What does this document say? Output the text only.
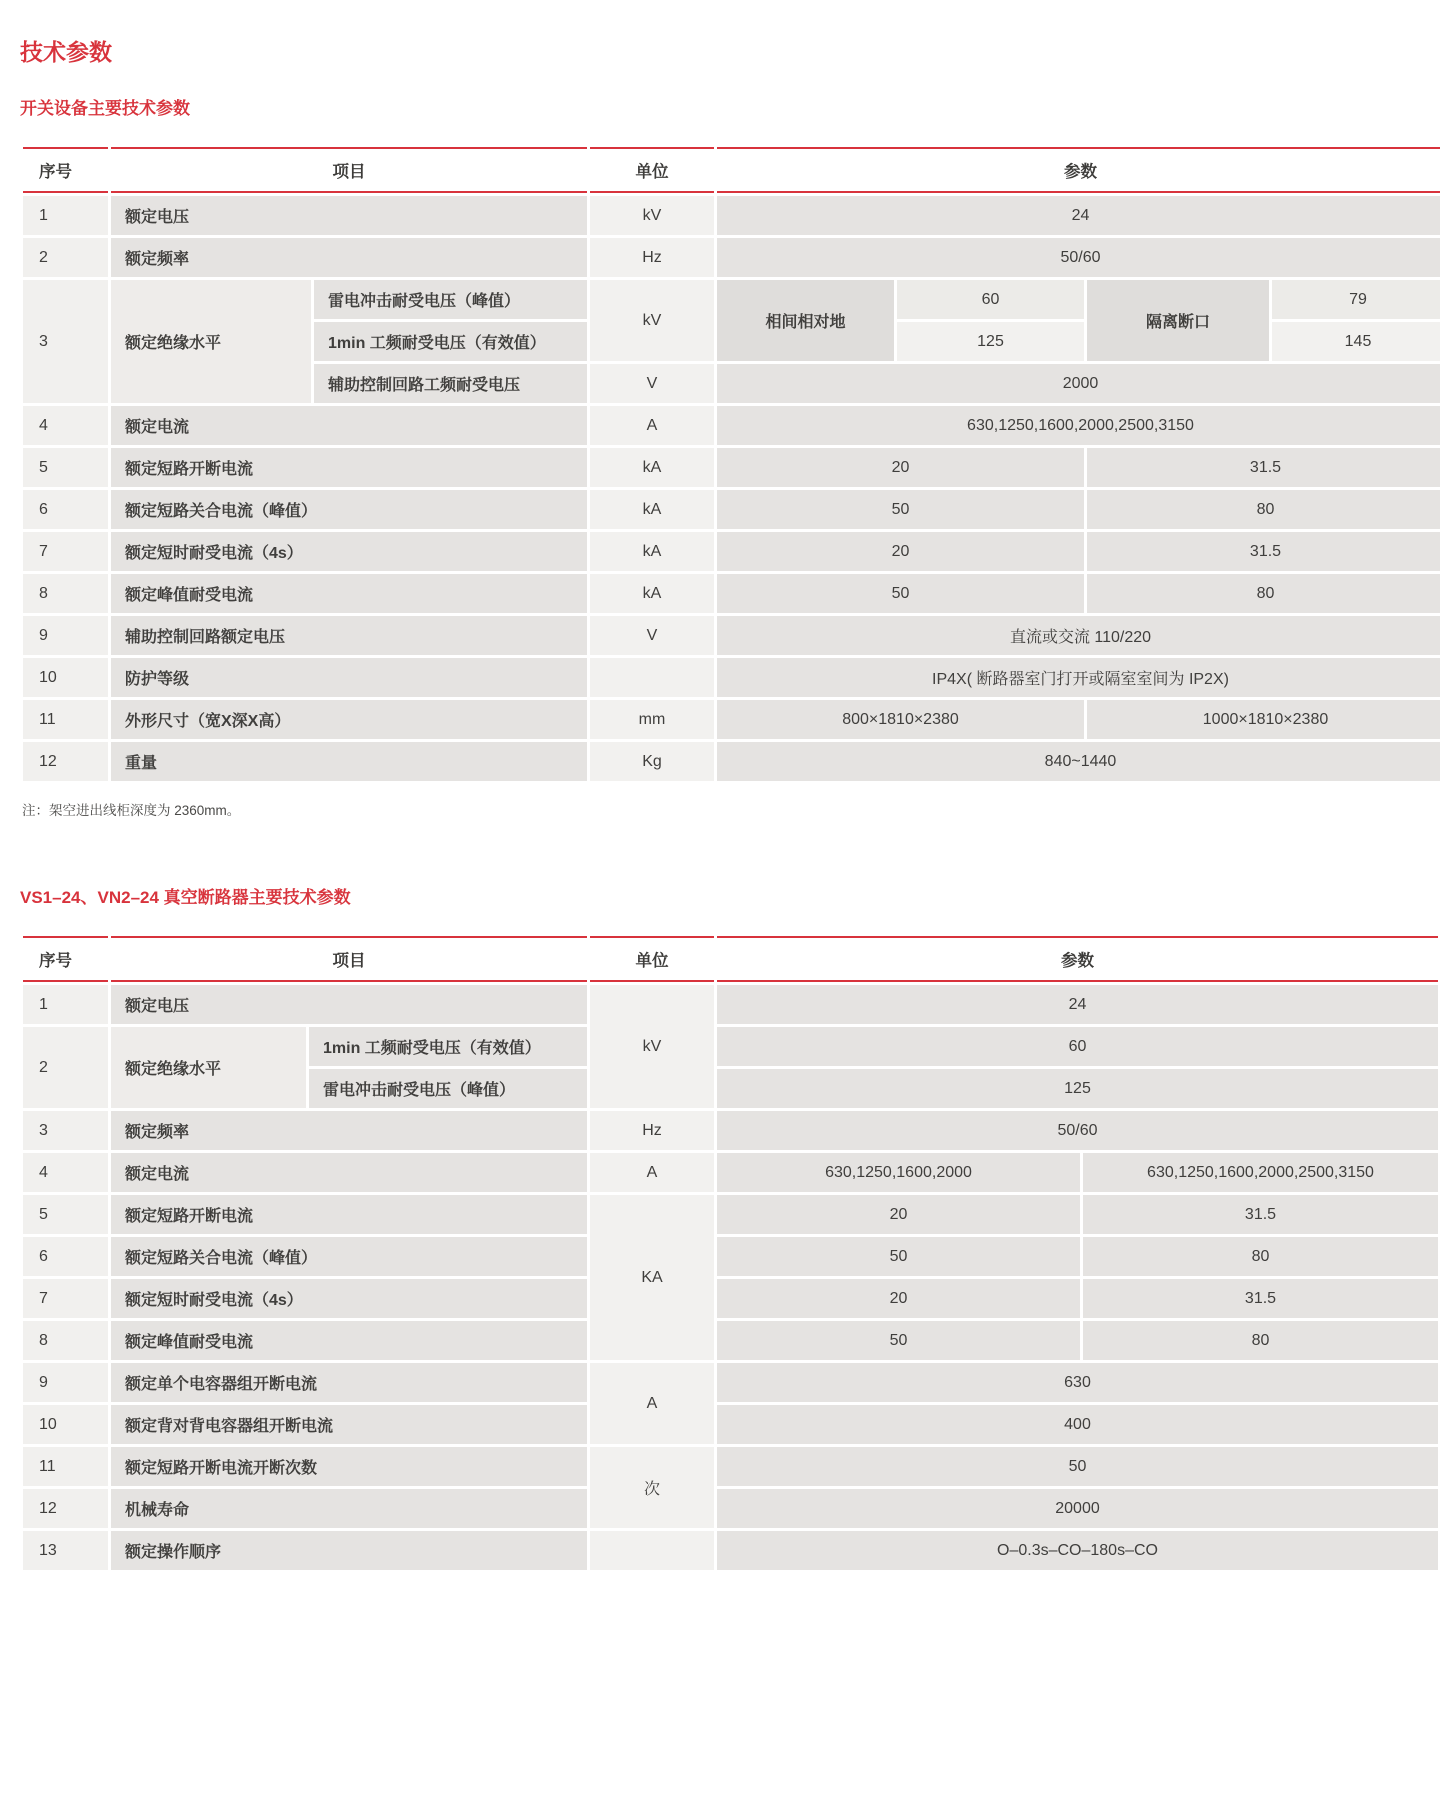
技术参数
开关设备主要技术参数
序号	项目		单位	参数			
1	额定电压		kV	24			
2	额定频率		Hz	50/60			
3	额定绝缘水平	雷电冲击耐受电压（峰值）	kV	相间相对地	60	隔离断口	79
		1min 工频耐受电压（有效值）			125		145
		辅助控制回路工频耐受电压	V	2000			
4	额定电流		A	630,1250,1600,2000,2500,3150			
5	额定短路开断电流		kA	20		31.5	
6	额定短路关合电流（峰值）		kA	50		80	
7	额定短时耐受电流（4s）		kA	20		31.5	
8	额定峰值耐受电流		kA	50		80	
9	辅助控制回路额定电压		V	直流或交流 110/220			
10	防护等级			IP4X( 断路器室门打开或隔室室间为 IP2X)			
11	外形尺寸（宽X深X高）		mm	800×1810×2380		1000×1810×2380	
12	重量		Kg	840~1440			
注：架空进出线柜深度为 2360mm。
VS1–24、VN2–24 真空断路器主要技术参数
序号	项目		单位	参数	
1	额定电压		kV	24	
2	额定绝缘水平	1min 工频耐受电压（有效值）		60	
		雷电冲击耐受电压（峰值）		125	
3	额定频率		Hz	50/60	
4	额定电流		A	630,1250,1600,2000	630,1250,1600,2000,2500,3150
5	额定短路开断电流		KA	20	31.5
6	额定短路关合电流（峰值）			50	80
7	额定短时耐受电流（4s）			20	31.5
8	额定峰值耐受电流			50	80
9	额定单个电容器组开断电流		A	630	
10	额定背对背电容器组开断电流			400	
11	额定短路开断电流开断次数		次	50	
12	机械寿命			20000	
13	额定操作顺序			O–0.3s–CO–180s–CO	
